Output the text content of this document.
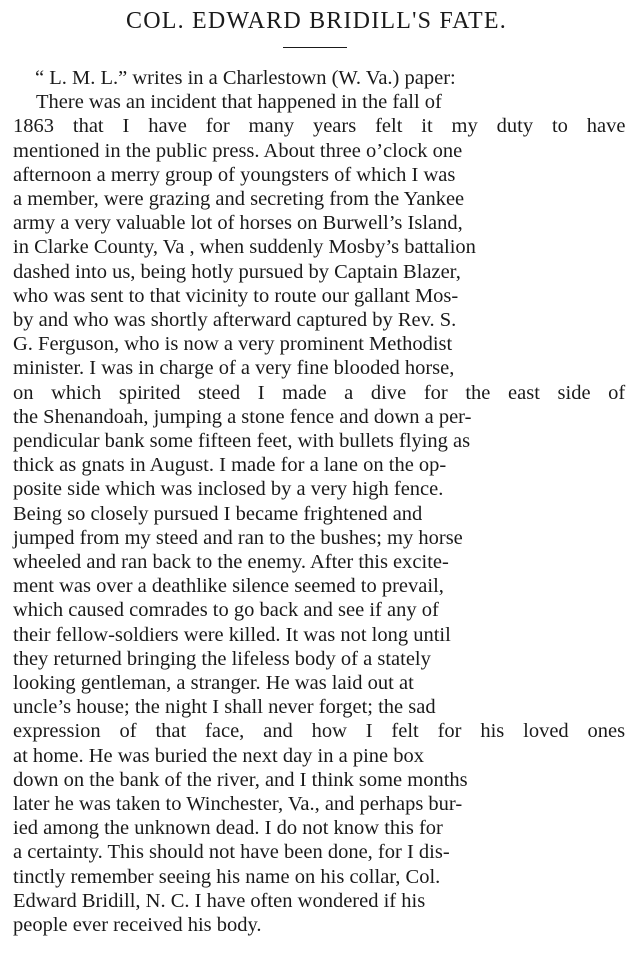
COL. EDWARD BRIDILL'S FATE.
“ L. M. L.” writes in a Charlestown (W. Va.) paper:
There was an incident that happened in the fall of
1863 that I have for many years felt it my duty to have
mentioned in the public press. About three o’clock one
afternoon a merry group of youngsters of which I was
a member, were grazing and secreting from the Yankee
army a very valuable lot of horses on Burwell’s Island,
in Clarke County, Va , when suddenly Mosby’s battalion
dashed into us, being hotly pursued by Captain Blazer,
who was sent to that vicinity to route our gallant Mos-
by and who was shortly afterward captured by Rev. S.
G. Ferguson, who is now a very prominent Methodist
minister. I was in charge of a very fine blooded horse,
on which spirited steed I made a dive for the east side of
the Shenandoah, jumping a stone fence and down a per-
pendicular bank some fifteen feet, with bullets flying as
thick as gnats in August. I made for a lane on the op-
posite side which was inclosed by a very high fence.
Being so closely pursued I became frightened and
jumped from my steed and ran to the bushes; my horse
wheeled and ran back to the enemy. After this excite-
ment was over a deathlike silence seemed to prevail,
which caused comrades to go back and see if any of
their fellow-soldiers were killed. It was not long until
they returned bringing the lifeless body of a stately
looking gentleman, a stranger. He was laid out at
uncle’s house; the night I shall never forget; the sad
expression of that face, and how I felt for his loved ones
at home. He was buried the next day in a pine box
down on the bank of the river, and I think some months
later he was taken to Winchester, Va., and perhaps bur-
ied among the unknown dead. I do not know this for
a certainty. This should not have been done, for I dis-
tinctly remember seeing his name on his collar, Col.
Edward Bridill, N. C. I have often wondered if his
people ever received his body.
